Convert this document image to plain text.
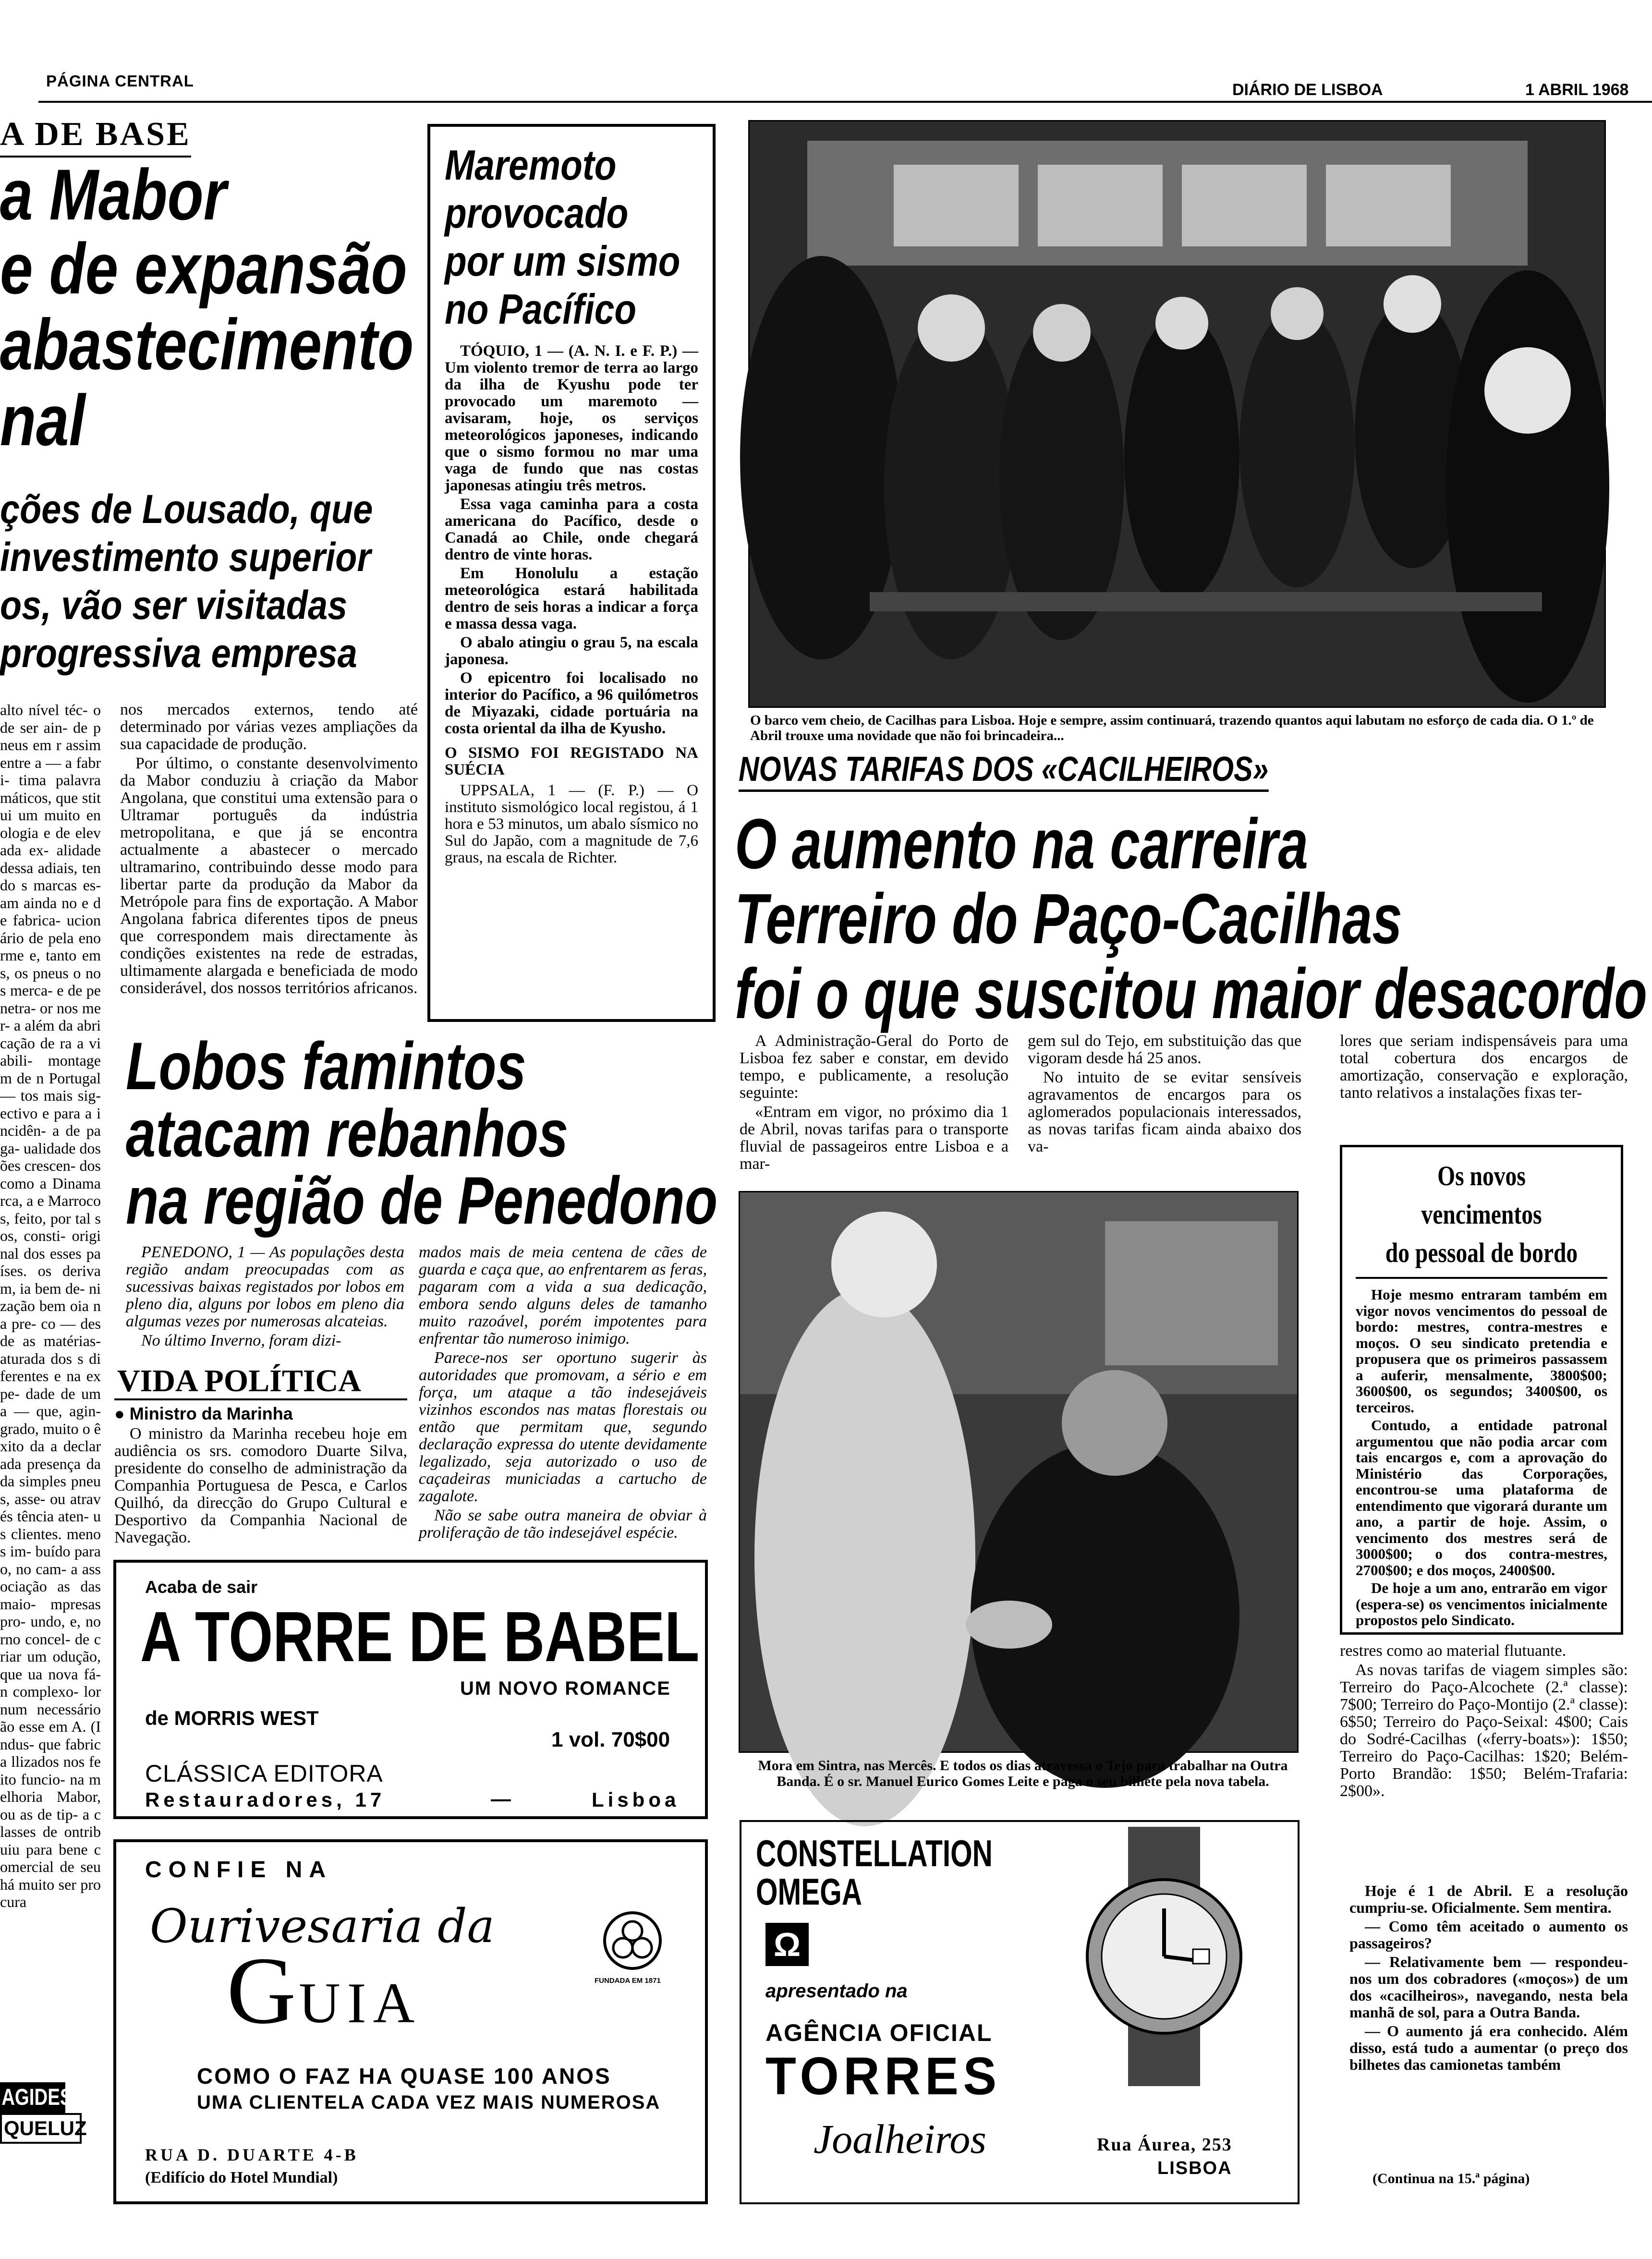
PÁGINA CENTRAL	DIÁRIO DE LISBOA	1 ABRIL 1968
A DE BASE
a Mabor
e de expansão
abastecimento
nal
ções de Lousado, que
investimento superior
os, vão ser visitadas
progressiva empresa
alto nível téc- o de ser ain- de pneus em r assim entre a — a fabri- tima palavra máticos, que stitui um muito enologia e de elevada ex- alidade dessa adiais, tendo s marcas es- am ainda no e de fabrica- ucionário de pela enorme e, tanto em s, os pneus o nos merca- e de penetra- or nos mer- a além da abricação de ra a viabili- montagem de n Portugal — tos mais sig- ectivo e para a incidên- a de paga- ualidade dos ões crescen- dos como a Dinamarca, a e Marrocos, feito, por tal sos, consti- original dos esses países. os derivam, ia bem de- nização bem oia na pre- co — desde as matérias- aturada dos s diferentes e na expe- dade de uma — que, agin- grado, muito o êxito da a declarada presença da da simples pneus, asse- ou através tência aten- us clientes. menos im- buído para o, no cam- a associação as das maio- mpresas pro- undo, e, no rno concel- de criar um odução, que ua nova fá- n complexo- lor num necessário ão esse em A. (Indus- que fabrica llizados nos feito funcio- na melhoria Mabor, ou as de tip- a classes de ontribuiu para bene comercial de seu há muito ser procura

nos mercados externos, tendo até determinado por várias vezes ampliações da sua capacidade de produção.

Por último, o constante desenvolvimento da Mabor conduziu à criação da Mabor Angolana, que constitui uma extensão para o Ultramar português da indústria metropolitana, e que já se encontra actualmente a abastecer o mercado ultramarino, contribuindo desse modo para libertar parte da produção da Mabor da Metrópole para fins de exportação. A Mabor Angolana fabrica diferentes tipos de pneus que correspondem mais directamente às condições existentes na rede de estradas, ultimamente alargada e beneficiada de modo considerável, dos nossos territórios africanos.

Maremoto
provocado
por um sismo
no Pacífico

TÓQUIO, 1 — (A. N. I. e F. P.) — Um violento tremor de terra ao largo da ilha de Kyushu pode ter provocado um maremoto — avisaram, hoje, os serviços meteorológicos japoneses, indicando que o sismo formou no mar uma vaga de fundo que nas costas japonesas atingiu três metros.

Essa vaga caminha para a costa americana do Pacífico, desde o Canadá ao Chile, onde chegará dentro de vinte horas.

Em Honolulu a estação meteorológica estará habilitada dentro de seis horas a indicar a força e massa dessa vaga.

O abalo atingiu o grau 5, na escala japonesa.

O epicentro foi localisado no interior do Pacífico, a 96 quilómetros de Miyazaki, cidade portuária na costa oriental da ilha de Kyusho.

O SISMO FOI REGISTADO NA SUÉCIA

UPPSALA, 1 — (F. P.) — O instituto sismológico local registou, á 1 hora e 53 minutos, um abalo sísmico no Sul do Japão, com a magnitude de 7,6 graus, na escala de Richter.

Lobos famintos
atacam rebanhos
na região de Penedono

PENEDONO, 1 — As populações desta região andam preocupadas com as sucessivas baixas registados por lobos em pleno dia, alguns por lobos em pleno dia algumas vezes por numerosas alcateias.

No último Inverno, foram dizi-

mados mais de meia centena de cães de guarda e caça que, ao enfrentarem as feras, pagaram com a vida a sua dedicação, embora sendo alguns deles de tamanho muito razoável, porém impotentes para enfrentar tão numeroso inimigo.

Parece-nos ser oportuno sugerir às autoridades que promovam, a sério e em força, um ataque a tão indesejáveis vizinhos escondos nas matas florestais ou então que permitam que, segundo declaração expressa do utente devidamente legalizado, seja autorizado o uso de caçadeiras municiadas a cartucho de zagalote.

Não se sabe outra maneira de obviar à proliferação de tão indesejável espécie.

VIDA POLÍTICA
● Ministro da Marinha
O ministro da Marinha recebeu hoje em audiência os srs. comodoro Duarte Silva, presidente do conselho de administração da Companhia Portuguesa de Pesca, e Carlos Quilhó, da direcção do Grupo Cultural e Desportivo da Companhia Nacional de Navegação.
Acaba de sair
A TORRE DE BABEL
UM NOVO ROMANCE
de MORRIS WEST
1 vol. 70$00
CLÁSSICA EDITORA
Restauradores, 17	—	Lisboa
CONFIE NA
Ourivesaria da
G UIA	FUNDADA EM 1871
COMO O FAZ HA QUASE 100 ANOS
UMA CLIENTELA CADA VEZ MAIS NUMEROSA
RUA D. DUARTE 4-B
(Edifício do Hotel Mundial)
AGIDES
QUELUZ
O barco vem cheio, de Cacilhas para Lisboa. Hoje e sempre, assim continuará, trazendo quantos aqui labutam no esforço de cada dia. O 1.º de Abril trouxe uma novidade que não foi brincadeira...
NOVAS TARIFAS DOS «CACILHEIROS»
O aumento na carreira
Terreiro do Paço-Cacilhas
foi o que suscitou maior desacordo

A Administração-Geral do Porto de Lisboa fez saber e constar, em devido tempo, e publicamente, a resolução seguinte:

«Entram em vigor, no próximo dia 1 de Abril, novas tarifas para o transporte fluvial de passageiros entre Lisboa e a mar-

gem sul do Tejo, em substituição das que vigoram desde há 25 anos.

No intuito de se evitar sensíveis agravamentos de encargos para os aglomerados populacionais interessados, as novas tarifas ficam ainda abaixo dos va-

lores que seriam indispensáveis para uma total cobertura dos encargos de amortização, conservação e exploração, tanto relativos a instalações fixas ter-

Os novos vencimentos
do pessoal de bordo

Hoje mesmo entraram também em vigor novos vencimentos do pessoal de bordo: mestres, contra-mestres e moços. O seu sindicato pretendia e propusera que os primeiros passassem a auferir, mensalmente, 3800$00; 3600$00, os segundos; 3400$00, os terceiros.

Contudo, a entidade patronal argumentou que não podia arcar com tais encargos e, com a aprovação do Ministério das Corporações, encontrou-se uma plataforma de entendimento que vigorará durante um ano, a partir de hoje. Assim, o vencimento dos mestres será de 3000$00; o dos contra-mestres, 2700$00; e dos moços, 2400$00.

De hoje a um ano, entrarão em vigor (espera-se) os vencimentos inicialmente propostos pelo Sindicato.

Mora em Sintra, nas Mercês. E todos os dias atravessa o Tejo para trabalhar na Outra Banda. É o sr. Manuel Eurico Gomes Leite e paga o seu bilhete pela nova tabela.

restres como ao material flutuante.

As novas tarifas de viagem simples são: Terreiro do Paço-Alcochete (2.ª classe): 7$00; Terreiro do Paço-Montijo (2.ª classe): 6$50; Terreiro do Paço-Seixal: 4$00; Cais do Sodré-Cacilhas («ferry-boats»): 1$50; Terreiro do Paço-Cacilhas: 1$20; Belém-Porto Brandão: 1$50; Belém-Trafaria: 2$00».

Hoje é 1 de Abril. E a resolução cumpriu-se. Oficialmente. Sem mentira.

— Como têm aceitado o aumento os passageiros?

— Relativamente bem — respondeu-nos um dos cobradores («moços») de um dos «cacilheiros», navegando, nesta bela manhã de sol, para a Outra Banda.

— O aumento já era conhecido. Além disso, está tudo a aumentar (o preço dos bilhetes das camionetas também

(Continua na 15.ª página)
CONSTELLATION
OMEGA
Ω
apresentado na
AGÊNCIA OFICIAL
TORRES
Joalheiros	Rua Áurea, 253
LISBOA
